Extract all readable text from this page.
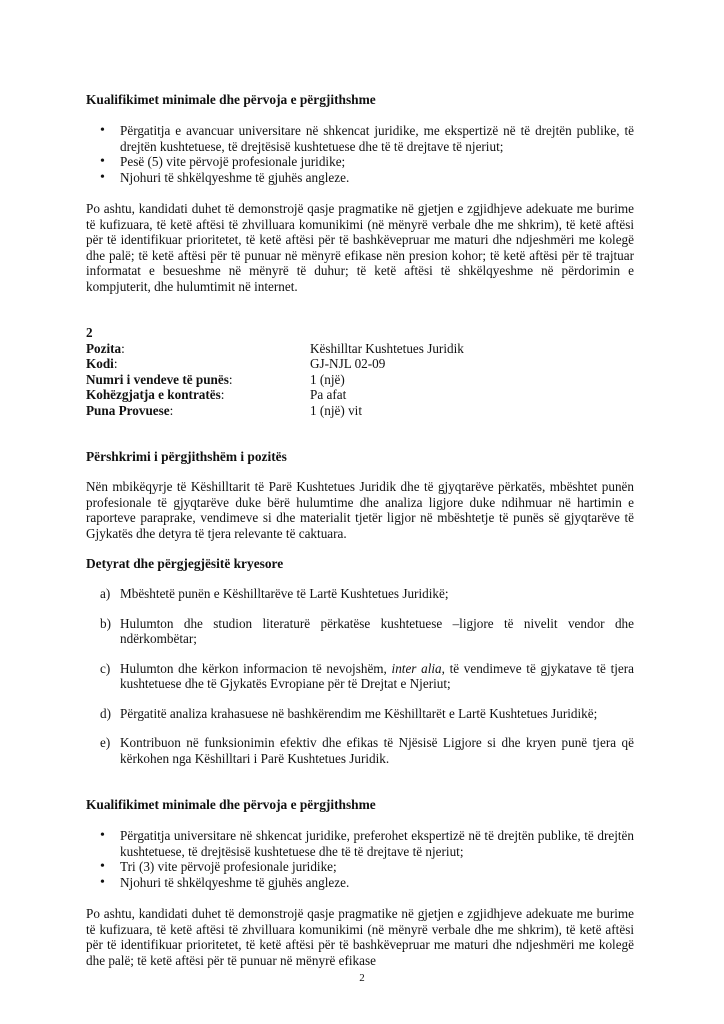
Kualifikimet minimale dhe përvoja e përgjithshme
• Përgatitja e avancuar universitare në shkencat juridike, me ekspertizë në të drejtën publike, të drejtën kushtetuese, të drejtësisë kushtetuese dhe të të drejtave të njeriut;
• Pesë (5) vite përvojë profesionale juridike;
• Njohuri të shkëlqyeshme të gjuhës angleze.

Po ashtu, kandidati duhet të demonstrojë qasje pragmatike në gjetjen e zgjidhjeve adekuate me burime të kufizuara, të ketë aftësi të zhvilluara komunikimi (në mënyrë verbale dhe me shkrim), të ketë aftësi për të identifikuar prioritetet, të ketë aftësi për të bashkëvepruar me maturi dhe ndjeshmëri me kolegë dhe palë; të ketë aftësi për të punuar në mënyrë efikase nën presion kohor; të ketë aftësi për të trajtuar informatat e besueshme në mënyrë të duhur; të ketë aftësi të shkëlqyeshme në përdorimin e kompjuterit, dhe hulumtimit në internet.

2
Pozita:	Këshilltar Kushtetues Juridik
Kodi:	GJ-NJL 02-09
Numri i vendeve të punës:	1 (një)
Kohëzgjatja e kontratës:	Pa afat
Puna Provuese:	1 (një) vit
Përshkrimi i përgjithshëm i pozitës

Nën mbikëqyrje të Këshilltarit të Parë Kushtetues Juridik dhe të gjyqtarëve përkatës, mbështet punën profesionale të gjyqtarëve duke bërë hulumtime dhe analiza ligjore duke ndihmuar në hartimin e raporteve paraprake, vendimeve si dhe materialit tjetër ligjor në mbështetje të punës së gjyqtarëve të Gjykatës dhe detyra të tjera relevante të caktuara.

Detyrat dhe përgjegjësitë kryesore
a) Mbështetë punën e Këshilltarëve të Lartë Kushtetues Juridikë;
b) Hulumton dhe studion literaturë përkatëse kushtetuese –ligjore të nivelit vendor dhe ndërkombëtar;
c) Hulumton dhe kërkon informacion të nevojshëm, inter alia, të vendimeve të gjykatave të tjera kushtetuese dhe të Gjykatës Evropiane për të Drejtat e Njeriut;
d) Përgatitë analiza krahasuese në bashkërendim me Këshilltarët e Lartë Kushtetues Juridikë;
e) Kontribuon në funksionimin efektiv dhe efikas të Njësisë Ligjore si dhe kryen punë tjera që kërkohen nga Këshilltari i Parë Kushtetues Juridik.
Kualifikimet minimale dhe përvoja e përgjithshme
• Përgatitja universitare në shkencat juridike, preferohet ekspertizë në të drejtën publike, të drejtën kushtetuese, të drejtësisë kushtetuese dhe të të drejtave të njeriut;
• Tri (3) vite përvojë profesionale juridike;
• Njohuri të shkëlqyeshme të gjuhës angleze.

Po ashtu, kandidati duhet të demonstrojë qasje pragmatike në gjetjen e zgjidhjeve adekuate me burime të kufizuara, të ketë aftësi të zhvilluara komunikimi (në mënyrë verbale dhe me shkrim), të ketë aftësi për të identifikuar prioritetet, të ketë aftësi për të bashkëvepruar me maturi dhe ndjeshmëri me kolegë dhe palë; të ketë aftësi për të punuar në mënyrë efikase

2
